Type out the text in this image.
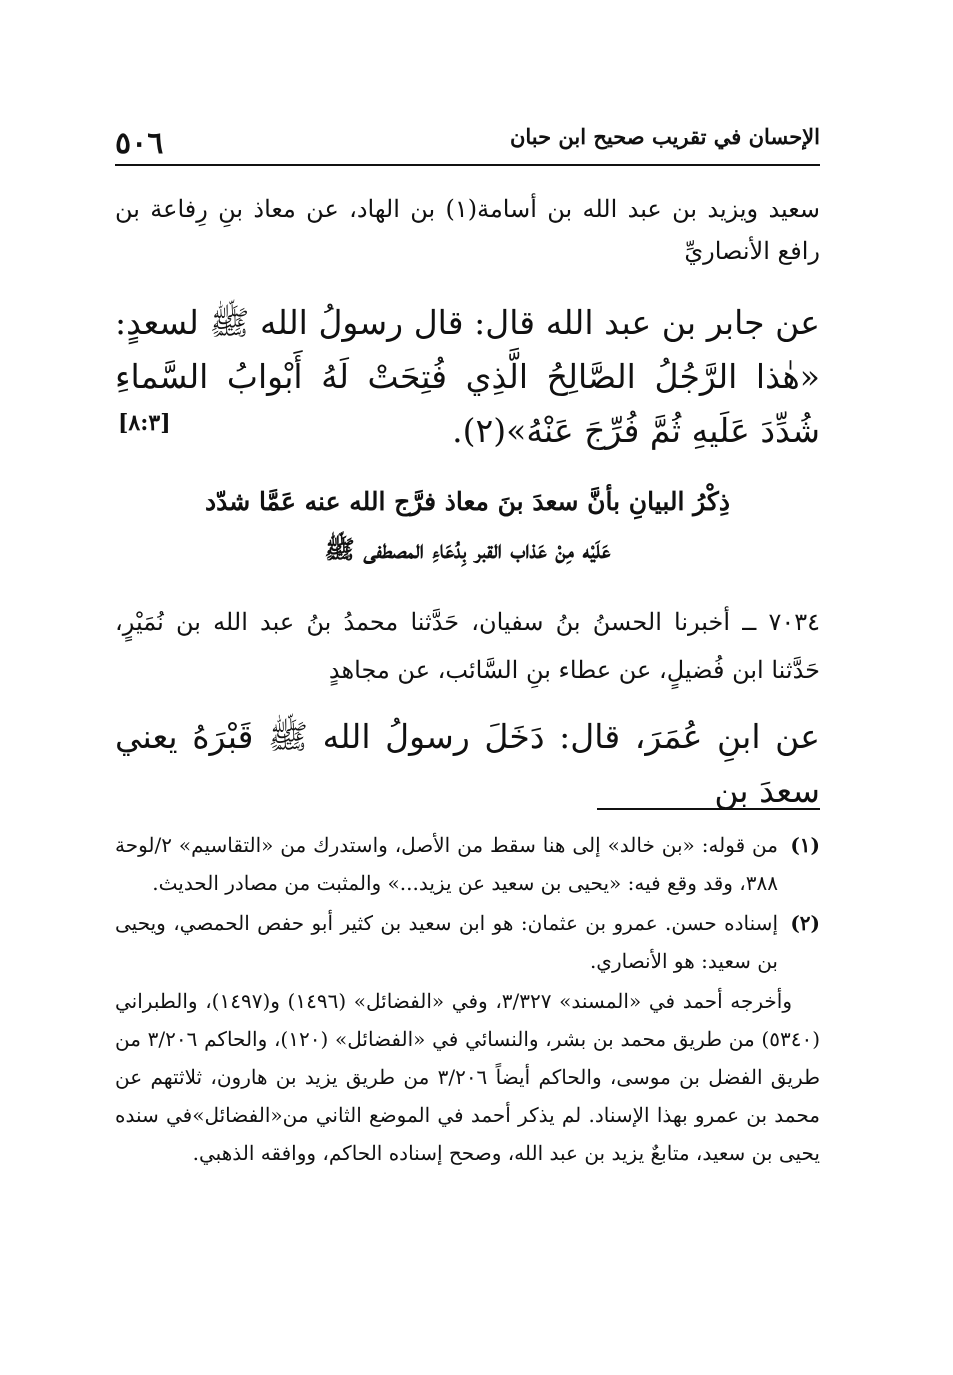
٥٠٦	الإحسان في تقريب صحيح ابن حبان
سعيد ويزيد بن عبد الله بن أسامة(١) بن الهاد، عن معاذ بنِ رِفاعة بن رافع الأنصاريِّ
عن جابر بن عبد الله قال: قال رسولُ الله ﷺ لسعدٍ: «هٰذا الرَّجُلُ الصَّالِحُ الَّذِي فُتِحَتْ لَهُ أَبْوابُ السَّماءِ شُدِّدَ عَلَيهِ ثُمَّ فُرِّجَ عَنْهُ»(٢).
[٨:٣]
ذِكْرُ البيانِ بأنَّ سعدَ بنَ معاذ فرَّج الله عنه عَمَّا شدّد
عَلَيْه مِنْ عَذاب القبر بِدُعَاءِ المصطفى ﷺ
٧٠٣٤ ــ أخبرنا الحسنُ بنُ سفيان، حَدَّثنا محمدُ بنُ عبد الله بن نُمَيْرٍ، حَدَّثنا ابن فُضيلٍ، عن عطاء بنِ السَّائب، عن مجاهدٍ
عن ابنِ عُمَرَ، قال: دَخَلَ رسولُ الله ﷺ قَبْرَهُ يعني سعدَ بن
(١)
من قوله: «بن خالد» إلى هنا سقط من الأصل، واستدرك من «التقاسيم» ٢/لوحة ٣٨٨، وقد وقع فيه: «يحيى بن سعيد عن يزيد...» والمثبت من مصادر الحديث.
(٢)
إسناده حسن. عمرو بن عثمان: هو ابن سعيد بن كثير أبو حفص الحمصي، ويحيى بن سعيد: هو الأنصاري.
وأخرجه أحمد في «المسند» ٣/٣٢٧، وفي «الفضائل» (١٤٩٦) و(١٤٩٧)، والطبراني (٥٣٤٠) من طريق محمد بن بشر، والنسائي في «الفضائل» (١٢٠)، والحاكم ٣/٢٠٦ من طريق الفضل بن موسى، والحاكم أيضاً ٣/٢٠٦ من طريق يزيد بن هارون، ثلاثتهم عن محمد بن عمرو بهذا الإسناد. لم يذكر أحمد في الموضع الثاني من«الفضائل»في سنده يحيى بن سعيد، متابعٌ يزيد بن عبد الله، وصحح إسناده الحاكم، ووافقه الذهبي.
